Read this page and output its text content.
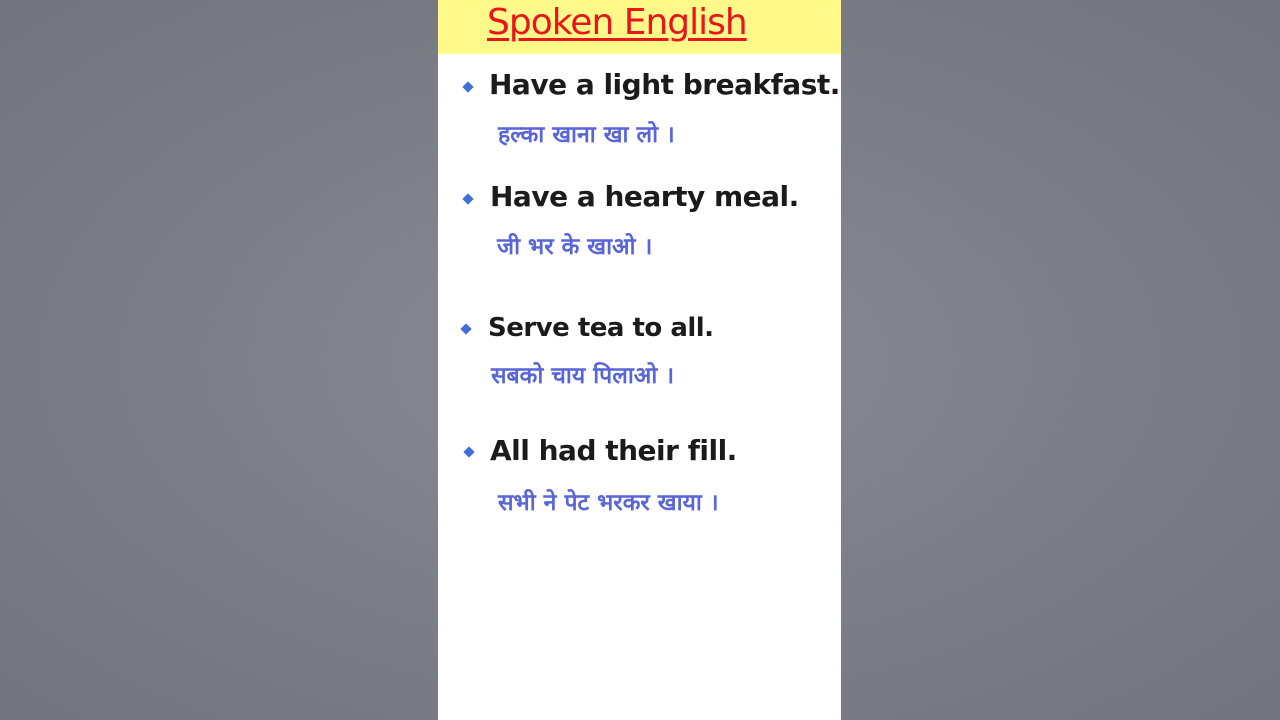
Spoken English
Have a light breakfast.
हल्का खाना खा लो ।
Have a hearty meal.
जी भर के खाओ ।
Serve tea to all.
सबको चाय पिलाओ ।
All had their fill.
सभी ने पेट भरकर खाया ।
